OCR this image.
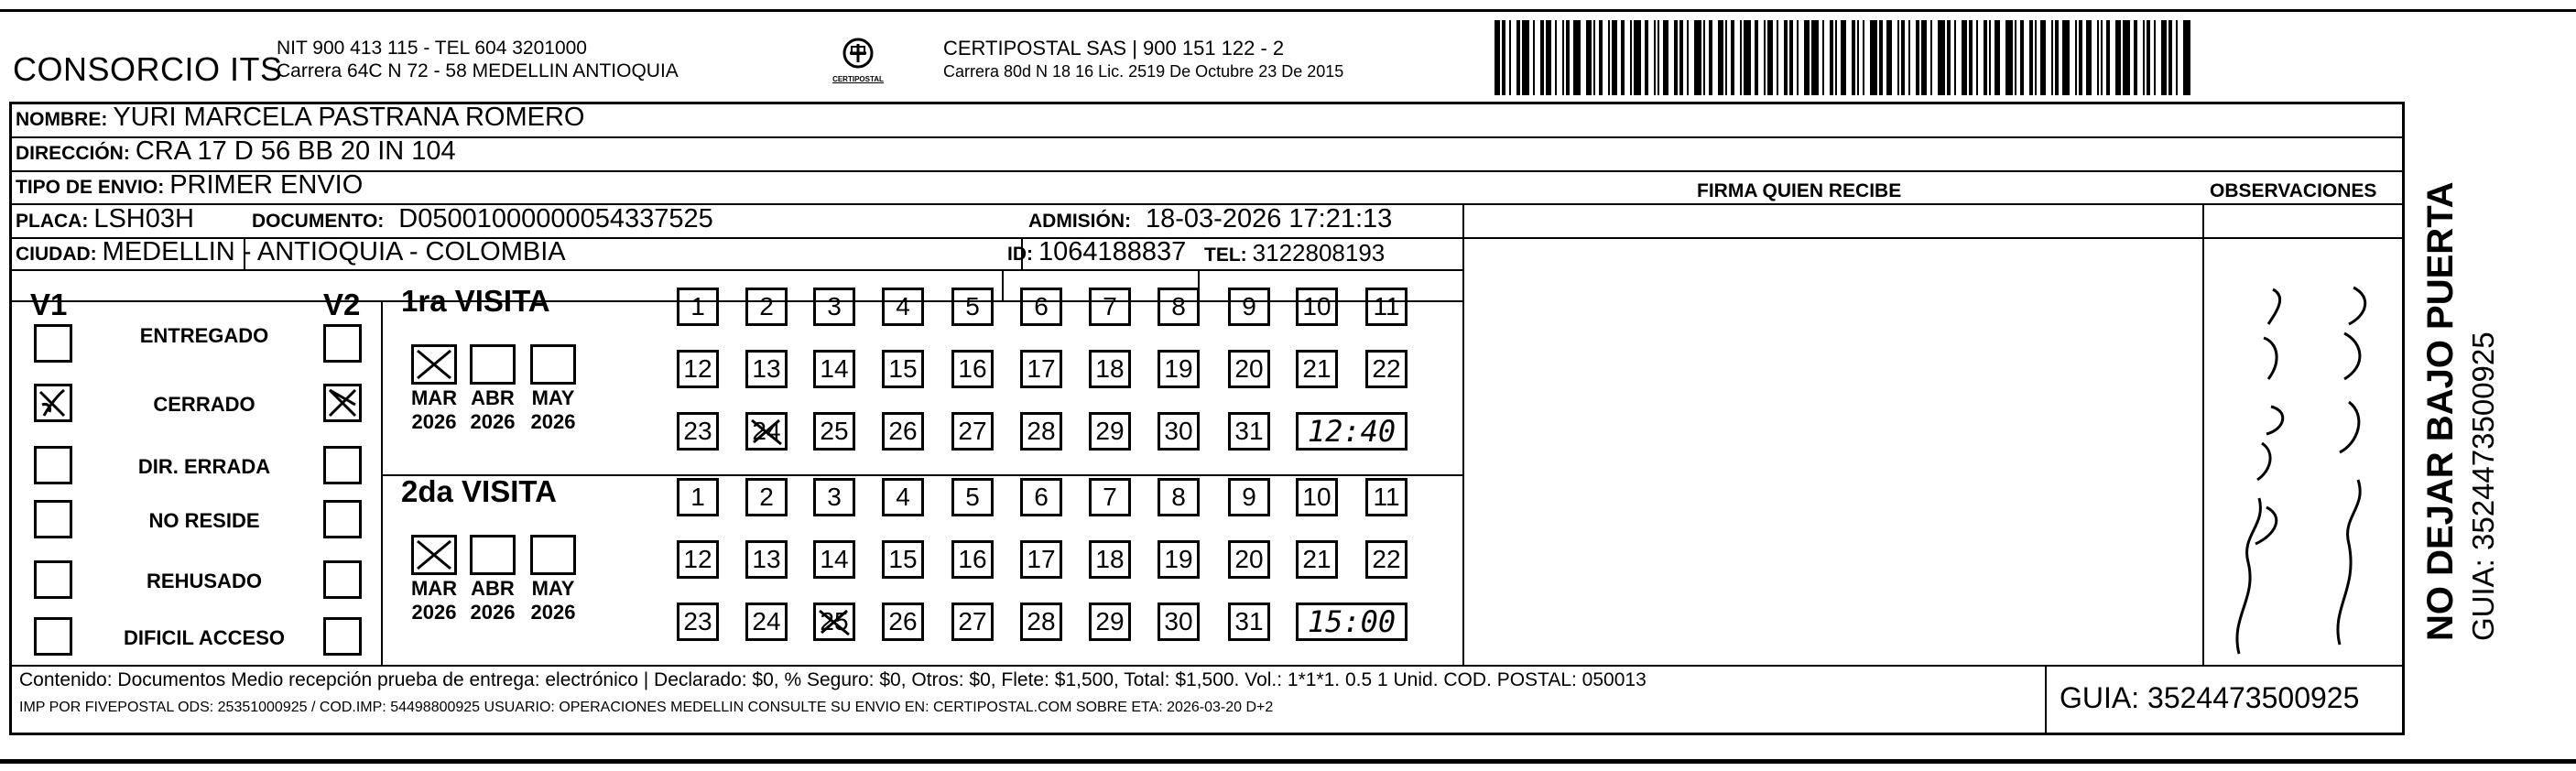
CONSORCIO ITS
NIT 900 413 115 - TEL 604 3201000
Carrera 64C N 72 - 58 MEDELLIN ANTIOQUIA	CERTIPOSTAL
CERTIPOSTAL SAS | 900 151 122 - 2
Carrera 80d N 18 16 Lic. 2519 De Octubre 23 De 2015
NOMBRE: YURI MARCELA PASTRANA ROMERO
DIRECCIÓN: CRA 17 D 56 BB 20 IN 104
TIPO DE ENVIO: PRIMER ENVIO	FIRMA QUIEN RECIBE	OBSERVACIONES
PLACA: LSH03H	DOCUMENTO: D05001000000054337525	ADMISIÓN: 18-03-2026 17:21:13
CIUDAD: MEDELLIN - ANTIOQUIA - COLOMBIA	ID: 1064188837 TEL: 3122808193
V1	V2
ENTREGADO
CERRADO
DIR. ERRADA
NO RESIDE
REHUSADO
DIFICIL ACCESO
1ra VISITA
MAR
2026
ABR
2026
MAY
2026
1	2	3	4	5	6	7	8	9	10	11
12 13 14 15 16 17 18 19 20 21 22
23 24 25 26 27 28 29 30 31	12:40
2da VISITA
MAR
2026
ABR
2026
MAY
2026
1	2	3	4	5	6	7	8	9	10	11
12 13 14 15 16 17 18 19 20 21 22
23 24 25 26 27 28 29 30 31	15:00
Contenido: Documentos Medio recepción prueba de entrega: electrónico | Declarado: $0, % Seguro: $0, Otros: $0, Flete: $1,500, Total: $1,500. Vol.: 1*1*1. 0.5 1 Unid. COD. POSTAL: 050013
IMP POR FIVEPOSTAL ODS: 25351000925 / COD.IMP: 54498800925 USUARIO: OPERACIONES MEDELLIN CONSULTE SU ENVIO EN: CERTIPOSTAL.COM SOBRE ETA: 2026-03-20 D+2	GUIA: 3524473500925
NO DEJAR BAJO PUERTA GUIA: 3524473500925
